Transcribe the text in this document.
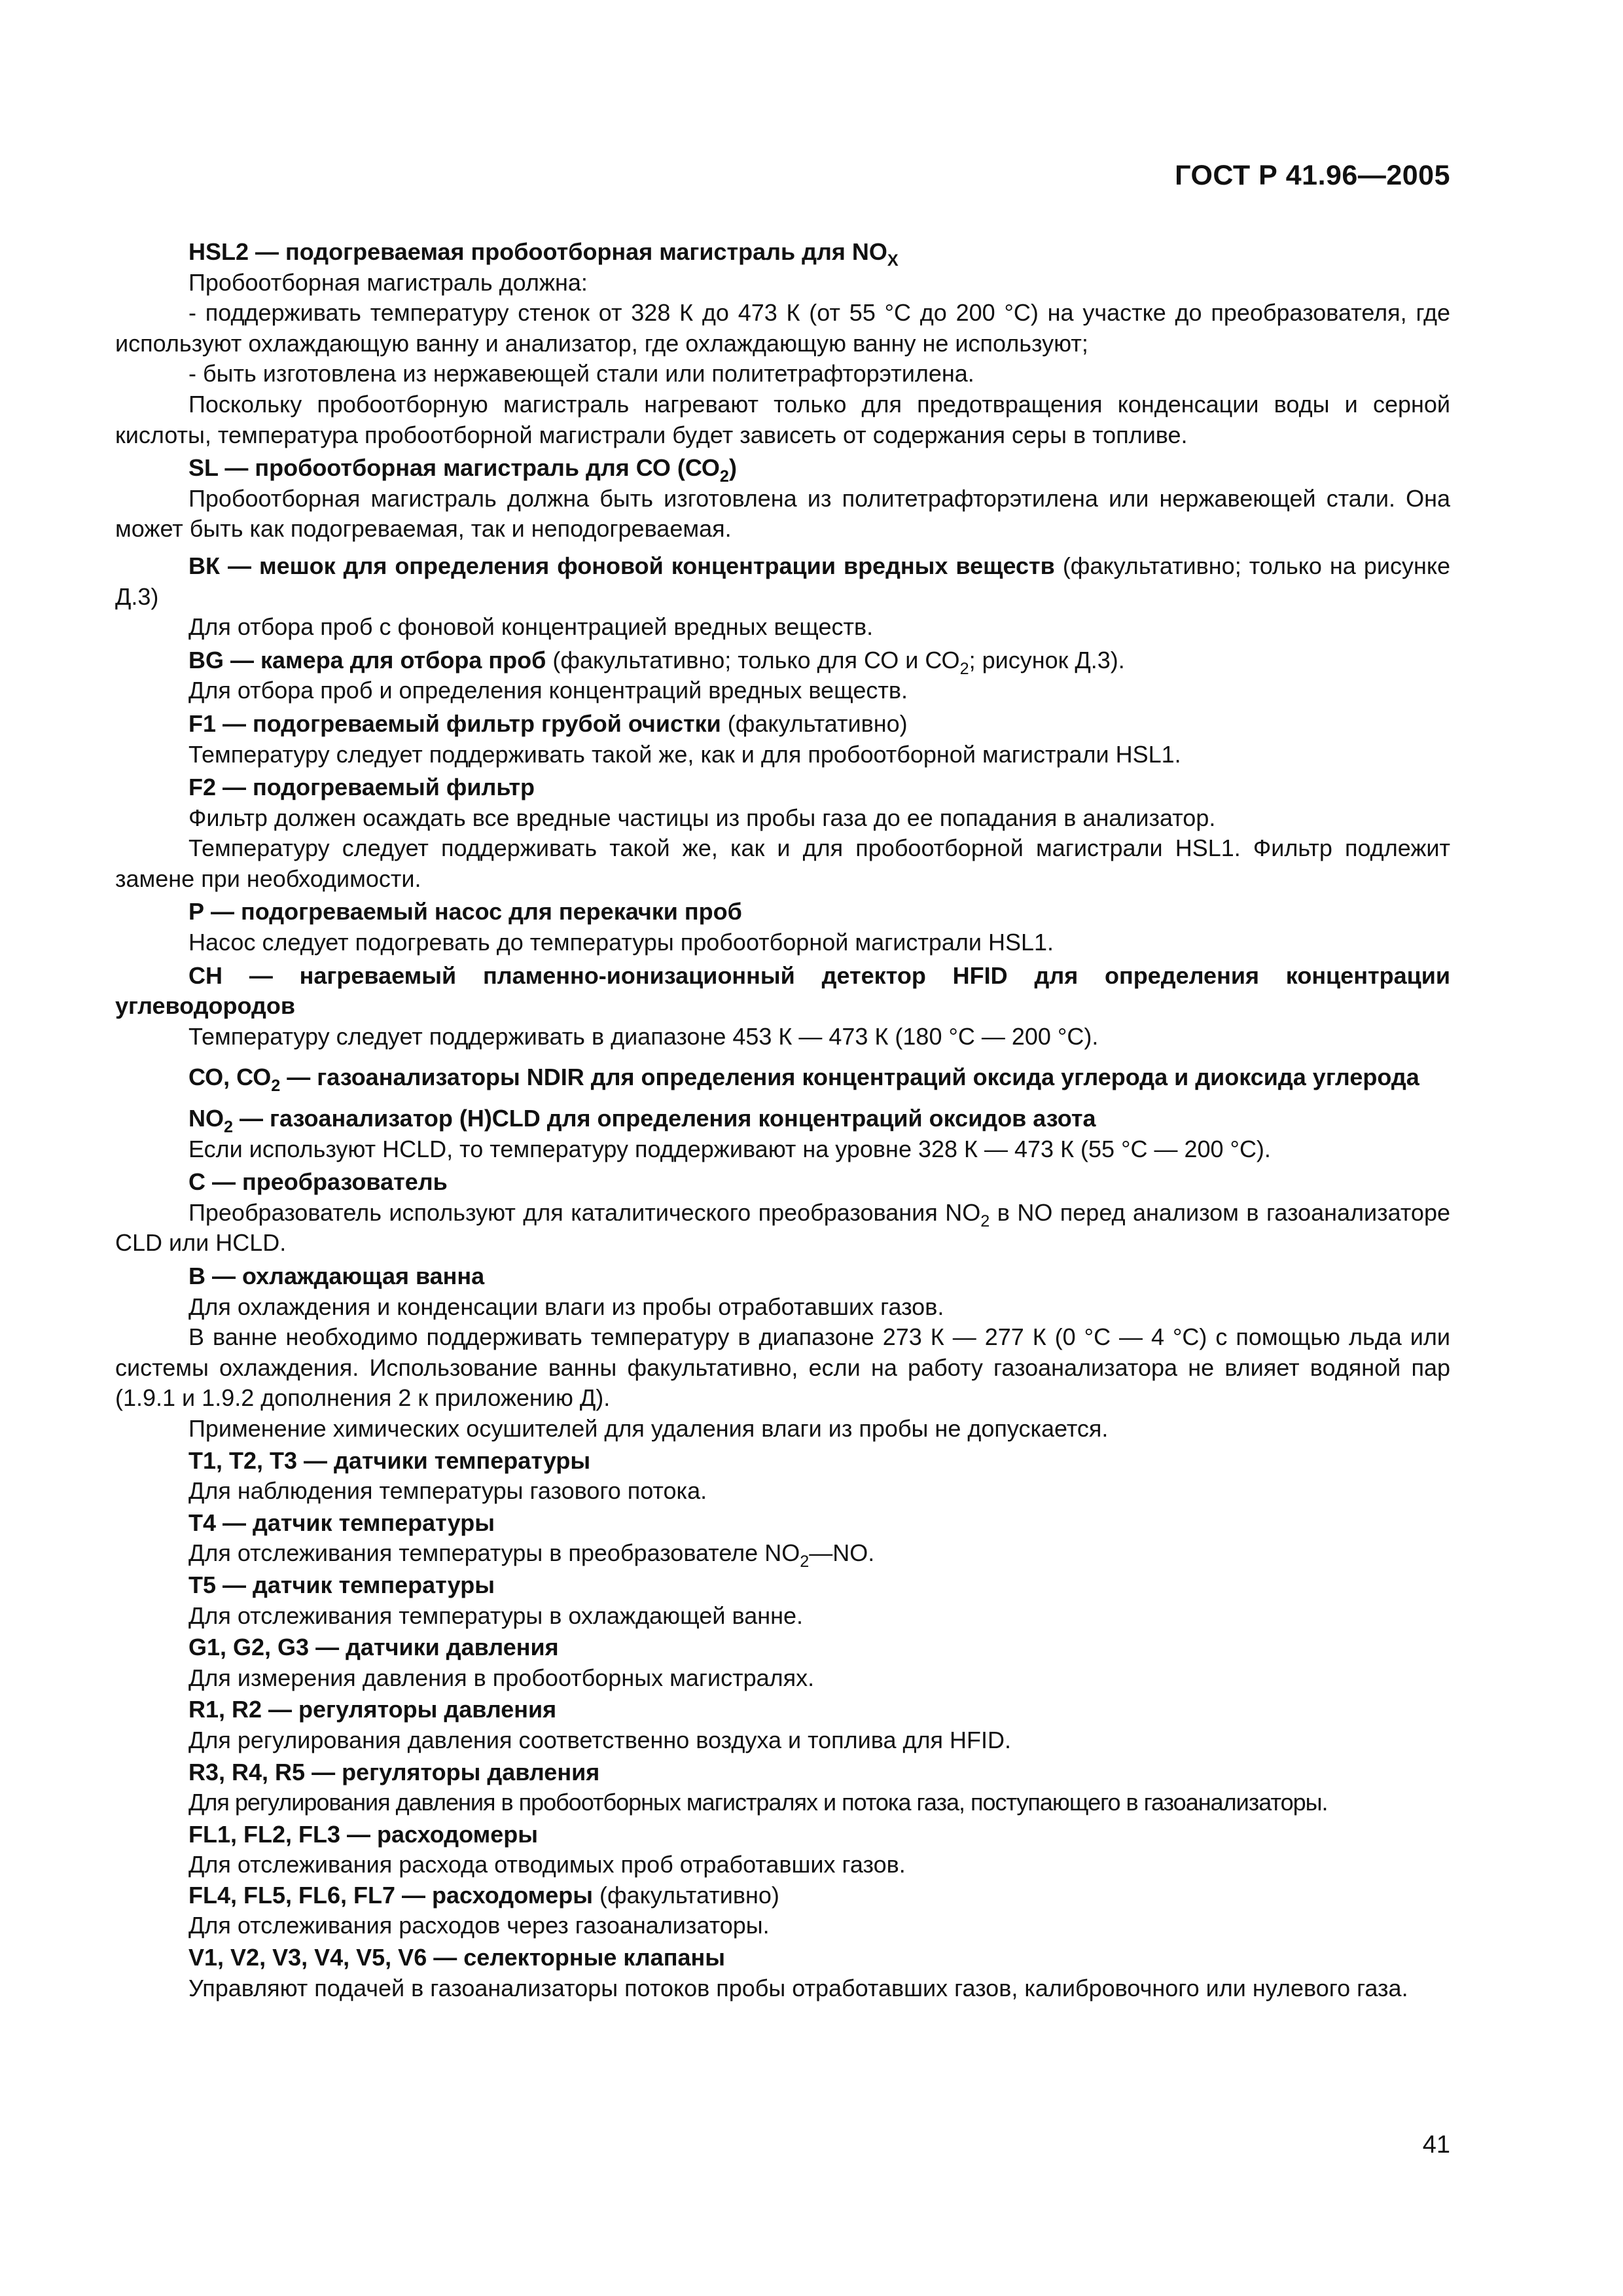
ГОСТ Р 41.96—2005

HSL2 — подогреваемая пробоотборная магистраль для $NO_X$

Пробоотборная магистраль должна:

- поддерживать температуру стенок от 328 К до 473 К (от 55 °С до 200 °С) на участке до преобразователя, где используют охлаждающую ванну и анализатор, где охлаждающую ванну не используют;

- быть изготовлена из нержавеющей стали или политетрафторэтилена.

Поскольку пробоотборную магистраль нагревают только для предотвращения конденсации воды и серной кислоты, температура пробоотборной магистрали будет зависеть от содержания серы в топливе.

SL — пробоотборная магистраль для СО $(СО_2)$

Пробоотборная магистраль должна быть изготовлена из политетрафторэтилена или нержавеющей стали. Она может быть как подогреваемая, так и неподогреваемая.

ВК — мешок для определения фоновой концентрации вредных веществ (факультативно; только на рисунке Д.3)

Для отбора проб с фоновой концентрацией вредных веществ.

BG — камера для отбора проб (факультативно; только для СО и $СО_2$; рисунок Д.3).

Для отбора проб и определения концентраций вредных веществ.

F1 — подогреваемый фильтр грубой очистки (факультативно)

Температуру следует поддерживать такой же, как и для пробоотборной магистрали HSL1.

F2 — подогреваемый фильтр

Фильтр должен осаждать все вредные частицы из пробы газа до ее попадания в анализатор.

Температуру следует поддерживать такой же, как и для пробоотборной магистрали HSL1. Фильтр подлежит замене при необходимости.

Р — подогреваемый насос для перекачки проб

Насос следует подогревать до температуры пробоотборной магистрали HSL1.

СН — нагреваемый пламенно-ионизационный детектор HFID для определения концентрации углеводородов

Температуру следует поддерживать в диапазоне 453 К — 473 К (180 °С — 200 °С).

СО, $СО_2$ — газоанализаторы NDIR для определения концентраций оксида углерода и диоксида углерода

$NO_2$ — газоанализатор (H)CLD для определения концентраций оксидов азота

Если используют HCLD, то температуру поддерживают на уровне 328 К — 473 К (55 °С — 200 °С).

С — преобразователь

Преобразователь используют для каталитического преобразования $NO_2$ в NO перед анализом в газоанализаторе CLD или HCLD.

В — охлаждающая ванна

Для охлаждения и конденсации влаги из пробы отработавших газов.

В ванне необходимо поддерживать температуру в диапазоне 273 К — 277 К (0 °С — 4 °С) с помощью льда или системы охлаждения. Использование ванны факультативно, если на работу газоанализатора не влияет водяной пар (1.9.1 и 1.9.2 дополнения 2 к приложению Д).

Применение химических осушителей для удаления влаги из пробы не допускается.

Т1, Т2, Т3 — датчики температуры

Для наблюдения температуры газового потока.

Т4 — датчик температуры

Для отслеживания температуры в преобразователе $NO_2—NO$.

Т5 — датчик температуры

Для отслеживания температуры в охлаждающей ванне.

G1, G2, G3 — датчики давления

Для измерения давления в пробоотборных магистралях.

R1, R2 — регуляторы давления

Для регулирования давления соответственно воздуха и топлива для HFID.

R3, R4, R5 — регуляторы давления

Для регулирования давления в пробоотборных магистралях и потока газа, поступающего в газоанализаторы.

FL1, FL2, FL3 — расходомеры

Для отслеживания расхода отводимых проб отработавших газов.

FL4, FL5, FL6, FL7 — расходомеры (факультативно)

Для отслеживания расходов через газоанализаторы.

V1, V2, V3, V4, V5, V6 — селекторные клапаны

Управляют подачей в газоанализаторы потоков пробы отработавших газов, калибровочного или нулевого газа.

41
